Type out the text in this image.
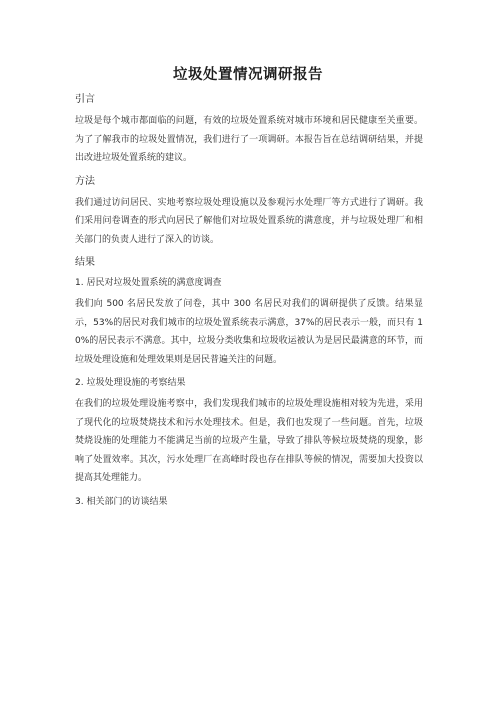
垃圾处置情况调研报告
引言
垃圾是每个城市都面临的问题，有效的垃圾处置系统对城市环境和居民健康至关重要。为了了解我市的垃圾处置情况，我们进行了一项调研。本报告旨在总结调研结果，并提出改进垃圾处置系统的建议。
方法
我们通过访问居民、实地考察垃圾处理设施以及参观污水处理厂等方式进行了调研。我们采用问卷调查的形式向居民了解他们对垃圾处置系统的满意度，并与垃圾处理厂和相关部门的负责人进行了深入的访谈。
结果
1. 居民对垃圾处置系统的满意度调查
我们向 500 名居民发放了问卷，其中 300 名居民对我们的调研提供了反馈。结果显示，53%的居民对我们城市的垃圾处置系统表示满意，37%的居民表示一般，而只有 10%的居民表示不满意。其中，垃圾分类收集和垃圾收运被认为是居民最满意的环节，而垃圾处理设施和处理效果则是居民普遍关注的问题。
2. 垃圾处理设施的考察结果
在我们的垃圾处理设施考察中，我们发现我们城市的垃圾处理设施相对较为先进，采用了现代化的垃圾焚烧技术和污水处理技术。但是，我们也发现了一些问题。首先，垃圾焚烧设施的处理能力不能满足当前的垃圾产生量，导致了排队等候垃圾焚烧的现象，影响了处置效率。其次，污水处理厂在高峰时段也存在排队等候的情况，需要加大投资以提高其处理能力。
3. 相关部门的访谈结果
